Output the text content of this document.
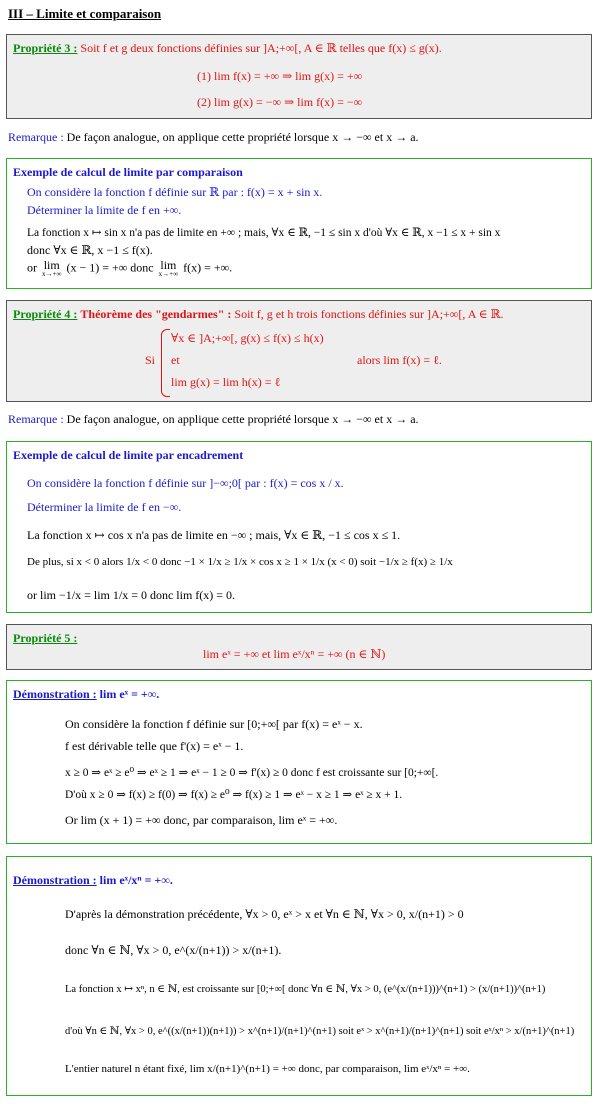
III – Limite et comparaison
Propriété 3 : Soit f et g deux fonctions définies sur ]A;+∞[, A ∈ ℝ telles que f(x) ≤ g(x).
(1) lim f(x) = +∞ ⇒ lim g(x) = +∞
(2) lim g(x) = −∞ ⇒ lim f(x) = −∞
Remarque : De façon analogue, on applique cette propriété lorsque x → −∞ et x → a.
Exemple de calcul de limite par comparaison
On considère la fonction f définie sur ℝ par : f(x) = x + sin x.
Déterminer la limite de f en +∞.
La fonction x ↦ sin x n'a pas de limite en +∞ ; mais, ∀x ∈ ℝ, −1 ≤ sin x d'où ∀x ∈ ℝ, x −1 ≤ x + sin x
donc ∀x ∈ ℝ, x −1 ≤ f(x).
or lim
x→+∞ (x − 1) = +∞ donc lim
x→+∞ f(x) = +∞.
Propriété 4 : Théorème des "gendarmes" : Soit f, g et h trois fonctions définies sur ]A;+∞[, A ∈ ℝ.
Si
∀x ∈ ]A;+∞[, g(x) ≤ f(x) ≤ h(x)
et
lim g(x) = lim h(x) = ℓ
alors lim f(x) = ℓ.
Remarque : De façon analogue, on applique cette propriété lorsque x → −∞ et x → a.
Exemple de calcul de limite par encadrement
On considère la fonction f définie sur ]−∞;0[ par : f(x) = cos x / x.
Déterminer la limite de f en −∞.
La fonction x ↦ cos x n'a pas de limite en −∞ ; mais, ∀x ∈ ℝ, −1 ≤ cos x ≤ 1.
De plus, si x < 0 alors 1/x < 0 donc −1 × 1/x ≥ 1/x × cos x ≥ 1 × 1/x (x < 0) soit −1/x ≥ f(x) ≥ 1/x
or lim −1/x = lim 1/x = 0 donc lim f(x) = 0.
Propriété 5 :
lim eˣ = +∞ et lim eˣ/xⁿ = +∞ (n ∈ ℕ)
Démonstration : lim eˣ = +∞.
On considère la fonction f définie sur [0;+∞[ par f(x) = eˣ − x.
f est dérivable telle que f'(x) = eˣ − 1.
x ≥ 0 ⇒ eˣ ≥ e⁰ ⇒ eˣ ≥ 1 ⇒ eˣ − 1 ≥ 0 ⇒ f'(x) ≥ 0 donc f est croissante sur [0;+∞[.
D'où x ≥ 0 ⇒ f(x) ≥ f(0) ⇒ f(x) ≥ e⁰ ⇒ f(x) ≥ 1 ⇒ eˣ − x ≥ 1 ⇒ eˣ ≥ x + 1.
Or lim (x + 1) = +∞ donc, par comparaison, lim eˣ = +∞.
Démonstration : lim eˣ/xⁿ = +∞.
D'après la démonstration précédente, ∀x > 0, eˣ > x et ∀n ∈ ℕ, ∀x > 0, x/(n+1) > 0
donc ∀n ∈ ℕ, ∀x > 0, e^(x/(n+1)) > x/(n+1).
La fonction x ↦ xⁿ, n ∈ ℕ, est croissante sur [0;+∞[ donc ∀n ∈ ℕ, ∀x > 0, (e^(x/(n+1)))^(n+1) > (x/(n+1))^(n+1)
d'où ∀n ∈ ℕ, ∀x > 0, e^((x/(n+1))(n+1)) > x^(n+1)/(n+1)^(n+1) soit eˣ > x^(n+1)/(n+1)^(n+1) soit eˣ/xⁿ > x/(n+1)^(n+1)
L'entier naturel n étant fixé, lim x/(n+1)^(n+1) = +∞ donc, par comparaison, lim eˣ/xⁿ = +∞.
